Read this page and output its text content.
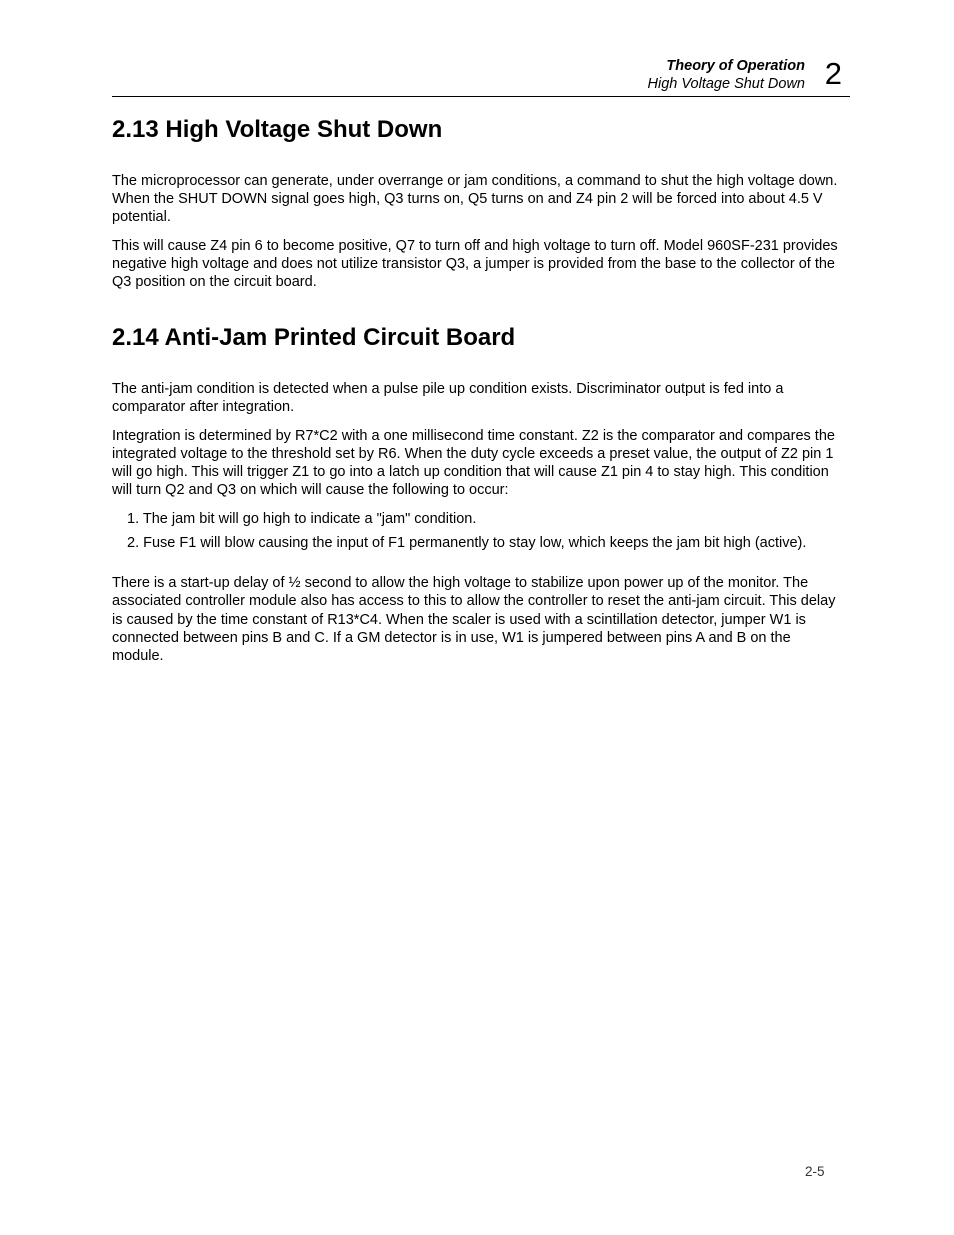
Theory of Operation
High Voltage Shut Down 2
2.13 High Voltage Shut Down

The microprocessor can generate, under overrange or jam conditions, a command to shut the high voltage down. When the SHUT DOWN signal goes high, Q3 turns on, Q5 turns on and Z4 pin 2 will be forced into about 4.5 V potential.

This will cause Z4 pin 6 to become positive, Q7 to turn off and high voltage to turn off. Model 960SF-231 provides negative high voltage and does not utilize transistor Q3, a jumper is provided from the base to the collector of the Q3 position on the circuit board.

2.14 Anti-Jam Printed Circuit Board

The anti-jam condition is detected when a pulse pile up condition exists. Discriminator output is fed into a comparator after integration.

Integration is determined by R7*C2 with a one millisecond time constant. Z2 is the comparator and compares the integrated voltage to the threshold set by R6. When the duty cycle exceeds a preset value, the output of Z2 pin 1 will go high. This will trigger Z1 to go into a latch up condition that will cause Z1 pin 4 to stay high. This condition will turn Q2 and Q3 on which will cause the following to occur:

1. The jam bit will go high to indicate a "jam" condition.
2. Fuse F1 will blow causing the input of F1 permanently to stay low, which keeps the jam bit high (active).

There is a start-up delay of ½ second to allow the high voltage to stabilize upon power up of the monitor. The associated controller module also has access to this to allow the controller to reset the anti-jam circuit. This delay is caused by the time constant of R13*C4. When the scaler is used with a scintillation detector, jumper W1 is connected between pins B and C. If a GM detector is in use, W1 is jumpered between pins A and B on the module.

2-5
